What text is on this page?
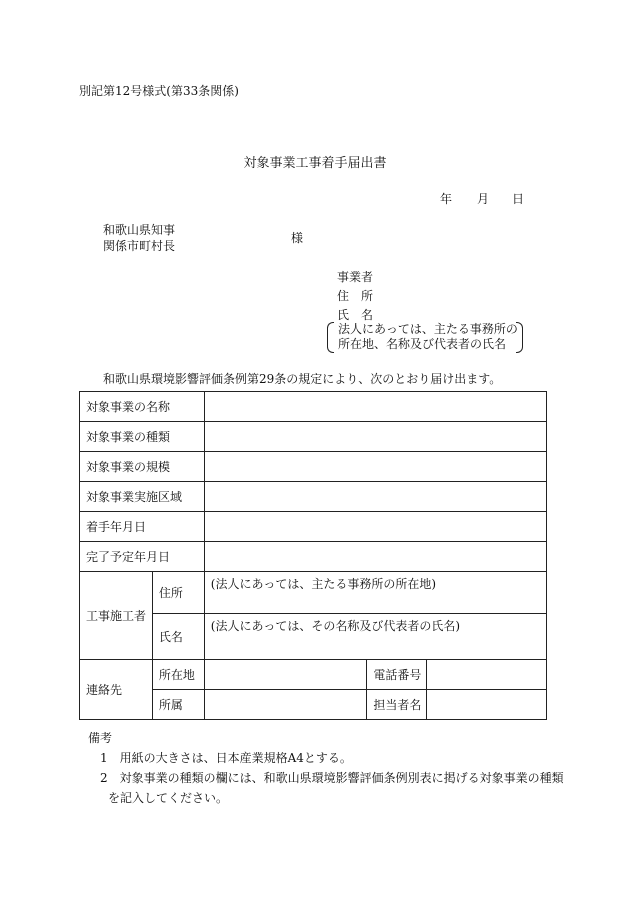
別記第12号様式(第33条関係)
対象事業工事着手届出書
年 月 日
和歌山県知事
関係市町村長
様
事業者
住　所
氏　名
法人にあっては、主たる事務所の
所在地、名称及び代表者の氏名
和歌山県環境影響評価条例第29条の規定により、次のとおり届け出ます。
対象事業の名称				
対象事業の種類				
対象事業の規模				
対象事業実施区域				
着手年月日				
完了予定年月日				
工事施工者	住所	(法人にあっては、主たる事務所の所在地)		
	氏名	(法人にあっては、その名称及び代表者の氏名)		
連絡先	所在地		電話番号	
	所属		担当者名	
備考
1　用紙の大きさは、日本産業規格A4とする。
2　対象事業の種類の欄には、和歌山県環境影響評価条例別表に掲げる対象事業の種類
を記入してください。
